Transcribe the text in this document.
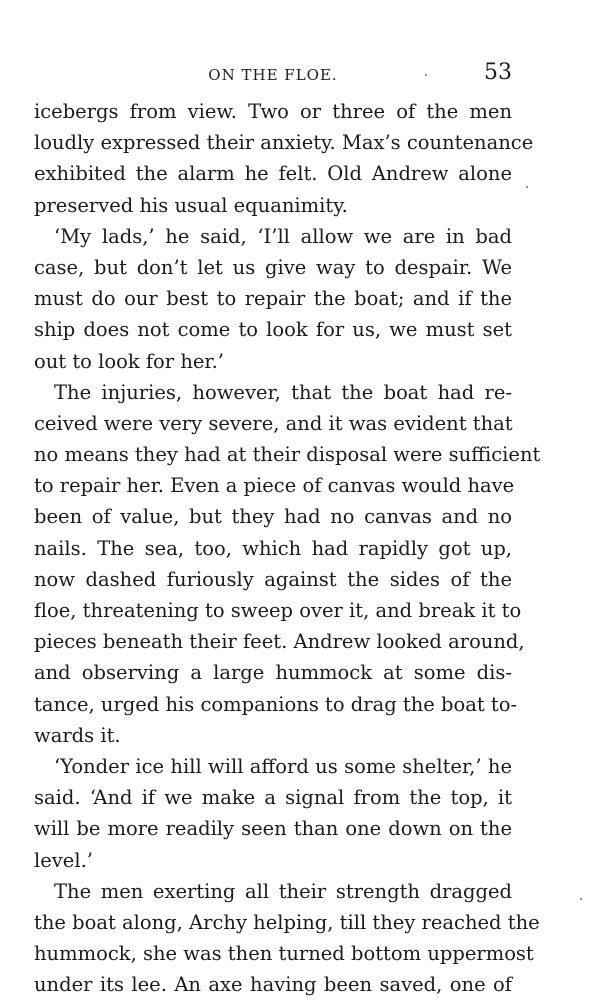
ON THE FLOE.	53
icebergs from view. Two or three of the men
loudly expressed their anxiety. Max’s countenance
exhibited the alarm he felt. Old Andrew alone
preserved his usual equanimity.
‘My lads,’ he said, ‘I’ll allow we are in bad
case, but don’t let us give way to despair. We
must do our best to repair the boat; and if the
ship does not come to look for us, we must set
out to look for her.’
The injuries, however, that the boat had re-
ceived were very severe, and it was evident that
no means they had at their disposal were sufficient
to repair her. Even a piece of canvas would have
been of value, but they had no canvas and no
nails. The sea, too, which had rapidly got up,
now dashed furiously against the sides of the
floe, threatening to sweep over it, and break it to
pieces beneath their feet. Andrew looked around,
and observing a large hummock at some dis-
tance, urged his companions to drag the boat to-
wards it.
‘Yonder ice hill will afford us some shelter,’ he
said. ‘And if we make a signal from the top, it
will be more readily seen than one down on the
level.’
The men exerting all their strength dragged
the boat along, Archy helping, till they reached the
hummock, she was then turned bottom uppermost
under its lee. An axe having been saved, one of
